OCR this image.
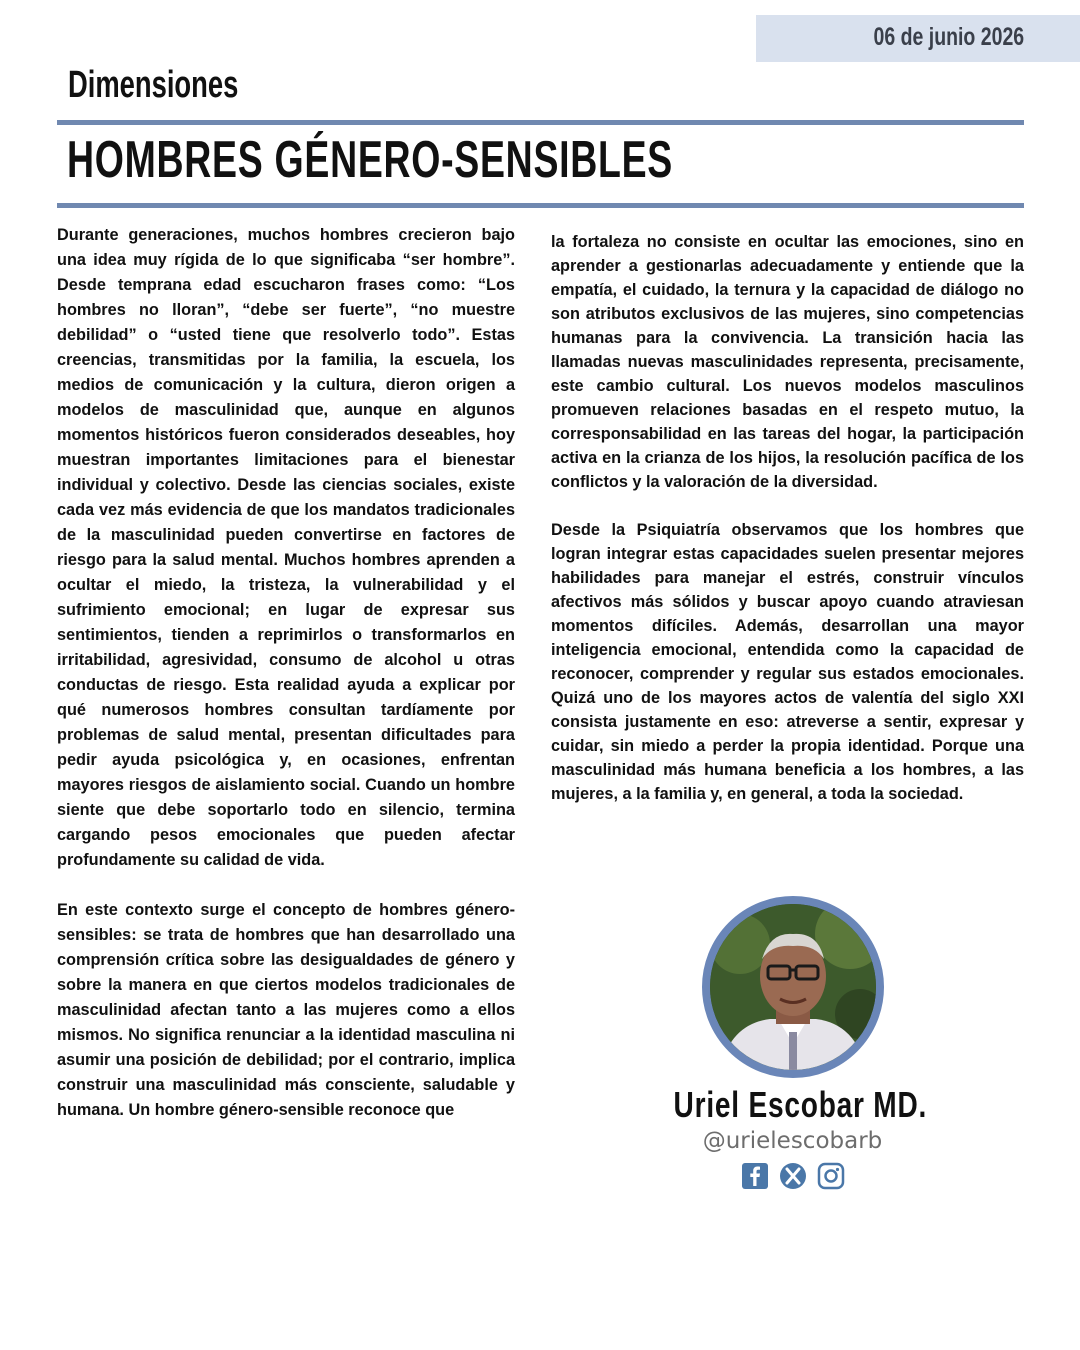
06 de junio 2026
Dimensiones
HOMBRES GÉNERO-SENSIBLES

Durante generaciones, muchos hombres crecieron bajo una idea muy rígida de lo que significaba “ser hombre”. Desde temprana edad escucharon frases como: “Los hombres no lloran”, “debe ser fuerte”, “no muestre debilidad” o “usted tiene que resolverlo todo”. Estas creencias, transmitidas por la familia, la escuela, los medios de comunicación y la cultura, dieron origen a modelos de masculinidad que, aunque en algunos momentos históricos fueron considerados deseables, hoy muestran importantes limitaciones para el bienestar individual y colectivo. Desde las ciencias sociales, existe cada vez más evidencia de que los mandatos tradicionales de la masculinidad pueden convertirse en factores de riesgo para la salud mental. Muchos hombres aprenden a ocultar el miedo, la tristeza, la vulnerabilidad y el sufrimiento emocional; en lugar de expresar sus sentimientos, tienden a reprimirlos o transformarlos en irritabilidad, agresividad, consumo de alcohol u otras conductas de riesgo. Esta realidad ayuda a explicar por qué numerosos hombres consultan tardíamente por problemas de salud mental, presentan dificultades para pedir ayuda psicológica y, en ocasiones, enfrentan mayores riesgos de aislamiento social. Cuando un hombre siente que debe soportarlo todo en silencio, termina cargando pesos emocionales que pueden afectar profundamente su calidad de vida.

En este contexto surge el concepto de hombres género-sensibles: se trata de hombres que han desarrollado una comprensión crítica sobre las desigualdades de género y sobre la manera en que ciertos modelos tradicionales de masculinidad afectan tanto a las mujeres como a ellos mismos. No significa renunciar a la identidad masculina ni asumir una posición de debilidad; por el contrario, implica construir una masculinidad más consciente, saludable y humana. Un hombre género-sensible reconoce que

la fortaleza no consiste en ocultar las emociones, sino en aprender a gestionarlas adecuadamente y entiende que la empatía, el cuidado, la ternura y la capacidad de diálogo no son atributos exclusivos de las mujeres, sino competencias humanas para la convivencia. La transición hacia las llamadas nuevas masculinidades representa, precisamente, este cambio cultural. Los nuevos modelos masculinos promueven relaciones basadas en el respeto mutuo, la corresponsabilidad en las tareas del hogar, la participación activa en la crianza de los hijos, la resolución pacífica de los conflictos y la valoración de la diversidad.

Desde la Psiquiatría observamos que los hombres que logran integrar estas capacidades suelen presentar mejores habilidades para manejar el estrés, construir vínculos afectivos más sólidos y buscar apoyo cuando atraviesan momentos difíciles. Además, desarrollan una mayor inteligencia emocional, entendida como la capacidad de reconocer, comprender y regular sus estados emocionales. Quizá uno de los mayores actos de valentía del siglo XXI consista justamente en eso: atreverse a sentir, expresar y cuidar, sin miedo a perder la propia identidad. Porque una masculinidad más humana beneficia a los hombres, a las mujeres, a la familia y, en general, a toda la sociedad.

Uriel Escobar MD.
@urielescobarb
